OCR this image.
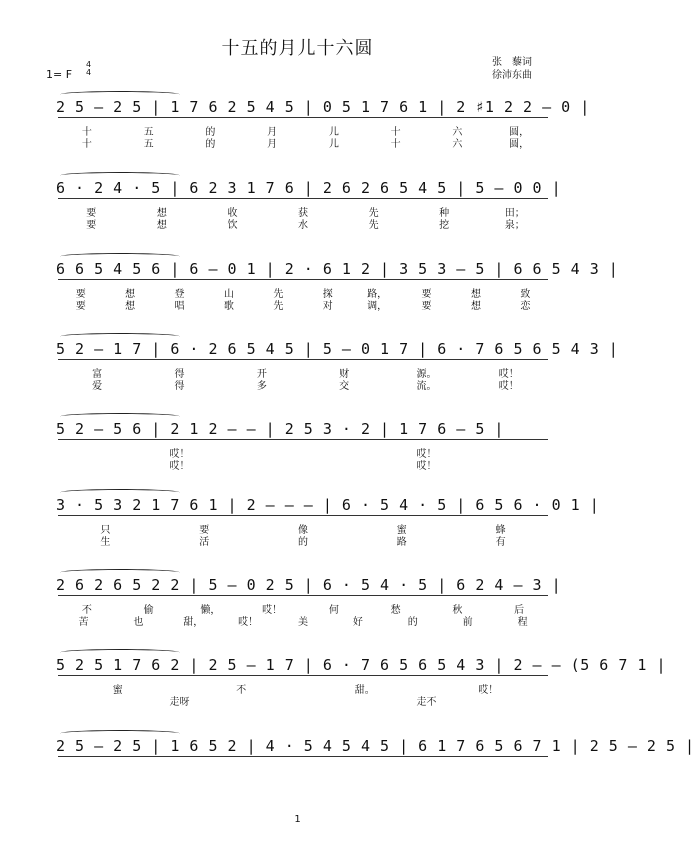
十五的月儿十六圆
1= F
4
4
张　藜词
徐沛东曲
2 5 – 2 5 | 1 7 6 2 5 4 5 | 0 5 1 7 6 1 | 2 ♯1 2 2 – 0 |
十	五	的	月	儿	十	六	圆，
十	五	的	月	儿	十	六	圆，
6 · 2 4 · 5 | 6 2 3 1 7 6 | 2 6 2 6 5 4 5 | 5 – 0 0 |
要	想	收	获	先	种	田；
要	想	饮	水	先	挖	泉；
6 6 5 4 5 6 | 6 – 0 1 | 2 · 6 1 2 | 3 5 3 – 5 | 6 6 5 4 3 |
要	想	登	山	先	探	路，	要	想	致
要	想	唱	歌	先	对	调，	要	想	恋
5 2 – 1 7 | 6 · 2 6 5 4 5 | 5 – 0 1 7 | 6 · 7 6 5 6 5 4 3 |
富	得	开	财	源。	哎！
爱	得	多	交	流。	哎！
5 2 – 5 6 | 2 1 2 – – | 2 5 3 · 2 | 1 7 6 – 5 |
哎！	哎！
哎！	哎！
3 · 5 3 2 1 7 6 1 | 2 – – – | 6 · 5 4 · 5 | 6 5 6 · 0 1 |
只	要	像	蜜	蜂
生	活	的	路	有
2 6 2 6 5 2 2 | 5 – 0 2 5 | 6 · 5 4 · 5 | 6 2 4 – 3 |
不	偷	懒，	哎！	何	愁	秋	后
苦	也	甜，	哎！	美	好	的	前	程
5 2 5 1 7 6 2 | 2 5 – 1 7 | 6 · 7 6 5 6 5 4 3 | 2 – – (5 6 7 1 |
蜜	不	甜。	哎！
走呀	走不
2 5 – 2 5 | 1 6 5 2 | 4 · 5 4 5 4 5 | 6 1 7 6 5 6 7 1 | 2 5 – 2 5 |
1
